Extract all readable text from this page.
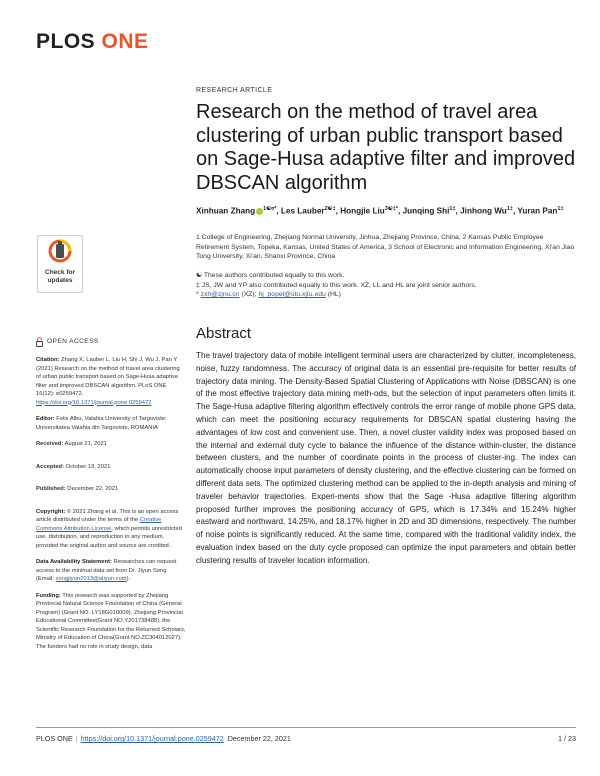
PLOS ONE
RESEARCH ARTICLE
Research on the method of travel area clustering of urban public transport based on Sage-Husa adaptive filter and improved DBSCAN algorithm
Xinhuan Zhang $^{1☯¤*}$, Les Lauber$^{2☯\ddagger}$, Hongjie Liu$^{3☯\ddagger*}$, Junqing Shi$^{1\ddagger}$, Jinhong $Wu^{1\ddagger}$, Yuran Pan$^{1\ddagger}$
1 College of Engineering, Zhejiang Normal University, Jinhua, Zhejiang Province, China, 2 Kansas Public Employee Retirement System, Topeka, Kansas, United States of America, 3 School of Electronic and Information Engineering, Xi'an Jiao Tong University, Xi'an, Shanxi Province, China
☯ These authors contributed equally to this work.
‡ JS, JW and YP also contributed equally to this work. XZ, LL and HL are joint senior authors.
* zxh@zjnu.cn (XZ); hj_popel@stu.xjtu.edu (HL)
Check for
updates
OPEN ACCESS

Citation: Zhang X, Lauber L, Liu H, Shi J, Wu J, Pan Y (2021) Research on the method of travel area clustering of urban public transport based on Sage-Husa adaptive filter and improved DBSCAN algorithm. PLoS ONE 16(12): e0259472. https://doi.org/10.1371/journal.pone.0259472

Editor: Felix Albu, Valahia University of Targoviste: Universitatea Valahia din Targoviste, ROMANIA

Received: August 21, 2021

Accepted: October 19, 2021

Published: December 22, 2021

Copyright: © 2021 Zhang et al. This is an open access article distributed under the terms of the Creative Commons Attribution License, which permits unrestricted use, distribution, and reproduction in any medium, provided the original author and source are credited.

Data Availability Statement: Researches can request access to the minimal data set from Dr. Jiyun Song (Email: songjiyun2013@aliyun.com).

Funding: This research was supported by Zhejiang Provincial Natural Science Foundation of China (General Program) (Grant NO. LY18G010009), Zhejiang Provincial Educational Committee(Grant NO.Y201738488), the Scientific Research Foundation for the Returned Scholars, Ministry of Education of China(Grant NO.ZC304012027). The funders had no role in study design, data

Abstract

The travel trajectory data of mobile intelligent terminal users are characterized by clutter, incompleteness, noise, fuzzy randomness. The accuracy of original data is an essential pre-requisite for better results of trajectory data mining. The Density-Based Spatial Clustering of Applications with Noise (DBSCAN) is one of the most effective trajectory data mining meth-ods, but the selection of input parameters often limits it. The Sage-Husa adaptive filtering algorithm effectively controls the error range of mobile phone GPS data, which can meet the positioning accuracy requirements for DBSCAN spatial clustering having the advantages of low cost and convenient use. Then, a novel cluster validity index was proposed based on the internal and external duty cycle to balance the influence of the distance within-cluster, the distance between clusters, and the number of coordinate points in the process of cluster-ing. The index can automatically choose input parameters of density clustering, and the effective clustering can be formed on different data sets. The optimized clustering method can be applied to the in-depth analysis and mining of traveler behavior trajectories. Experi-ments show that the Sage -Husa adaptive filtering algorithm proposed further improves the positioning accuracy of GPS, which is 17.34% and 15.24% higher eastward and northward, 14.25%, and 18.17% higher in 2D and 3D dimensions, respectively. The number of noise points is significantly reduced. At the same time, compared with the traditional validity index, the evaluation index based on the duty cycle proposed can optimize the input parameters and obtain better clustering results of traveler location information.

PLOS ONE | https://doi.org/10.1371/journal.pone.0259472 December 22, 2021	1 / 23
